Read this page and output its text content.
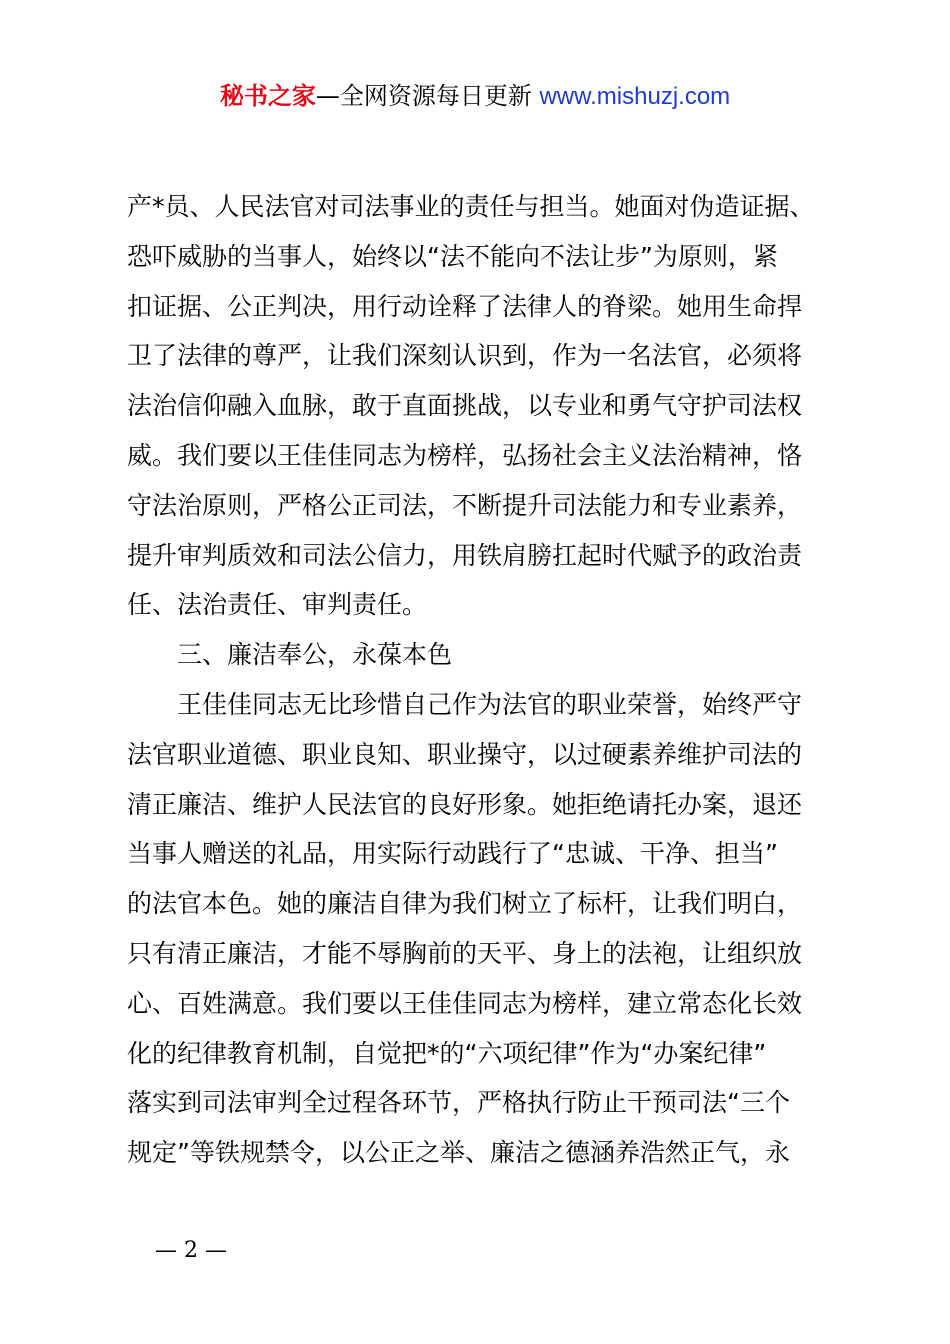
秘书之家—全网资源每日更新 www.mishuzj.com
产*员、人民法官对司法事业的责任与担当。她面对伪造证据、
恐吓威胁的当事人，始终以“法不能向不法让步”为原则，紧
扣证据、公正判决，用行动诠释了法律人的脊梁。她用生命捍
卫了法律的尊严，让我们深刻认识到，作为一名法官，必须将
法治信仰融入血脉，敢于直面挑战，以专业和勇气守护司法权
威。我们要以王佳佳同志为榜样，弘扬社会主义法治精神，恪
守法治原则，严格公正司法，不断提升司法能力和专业素养，
提升审判质效和司法公信力，用铁肩膀扛起时代赋予的政治责
任、法治责任、审判责任。
三、廉洁奉公，永葆本色
王佳佳同志无比珍惜自己作为法官的职业荣誉，始终严守
法官职业道德、职业良知、职业操守，以过硬素养维护司法的
清正廉洁、维护人民法官的良好形象。她拒绝请托办案，退还
当事人赠送的礼品，用实际行动践行了“忠诚、干净、担当”
的法官本色。她的廉洁自律为我们树立了标杆，让我们明白，
只有清正廉洁，才能不辱胸前的天平、身上的法袍，让组织放
心、百姓满意。我们要以王佳佳同志为榜样，建立常态化长效
化的纪律教育机制，自觉把*的“六项纪律”作为“办案纪律”
落实到司法审判全过程各环节，严格执行防止干预司法“三个
规定”等铁规禁令，以公正之举、廉洁之德涵养浩然正气，永
— 2 —
